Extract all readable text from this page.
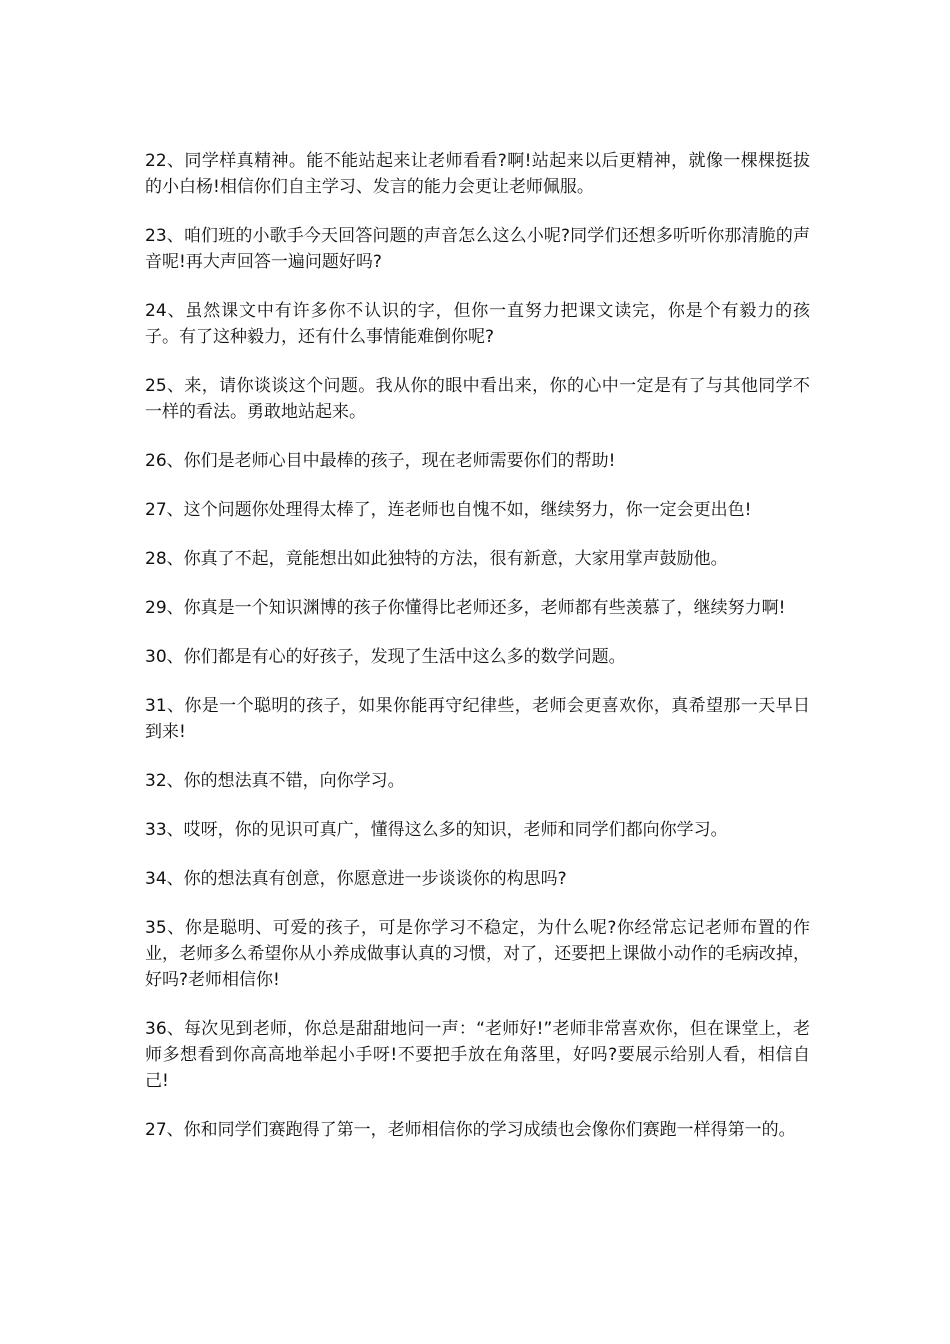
22、同学样真精神。能不能站起来让老师看看?啊!站起来以后更精神，就像一棵棵挺拔的小白杨!相信你们自主学习、发言的能力会更让老师佩服。

23、咱们班的小歌手今天回答问题的声音怎么这么小呢?同学们还想多听听你那清脆的声音呢!再大声回答一遍问题好吗?

24、虽然课文中有许多你不认识的字，但你一直努力把课文读完，你是个有毅力的孩子。有了这种毅力，还有什么事情能难倒你呢?

25、来，请你谈谈这个问题。我从你的眼中看出来，你的心中一定是有了与其他同学不一样的看法。勇敢地站起来。

26、你们是老师心目中最棒的孩子，现在老师需要你们的帮助!

27、这个问题你处理得太棒了，连老师也自愧不如，继续努力，你一定会更出色!

28、你真了不起，竟能想出如此独特的方法，很有新意，大家用掌声鼓励他。

29、你真是一个知识渊博的孩子你懂得比老师还多，老师都有些羡慕了，继续努力啊!

30、你们都是有心的好孩子，发现了生活中这么多的数学问题。

31、你是一个聪明的孩子，如果你能再守纪律些，老师会更喜欢你，真希望那一天早日到来!

32、你的想法真不错，向你学习。

33、哎呀，你的见识可真广，懂得这么多的知识，老师和同学们都向你学习。

34、你的想法真有创意，你愿意进一步谈谈你的构思吗?

35、你是聪明、可爱的孩子，可是你学习不稳定，为什么呢?你经常忘记老师布置的作业，老师多么希望你从小养成做事认真的习惯，对了，还要把上课做小动作的毛病改掉，好吗?老师相信你!

36、每次见到老师，你总是甜甜地问一声：“老师好!”老师非常喜欢你，但在课堂上，老师多想看到你高高地举起小手呀!不要把手放在角落里，好吗?要展示给别人看，相信自己!

27、你和同学们赛跑得了第一，老师相信你的学习成绩也会像你们赛跑一样得第一的。
